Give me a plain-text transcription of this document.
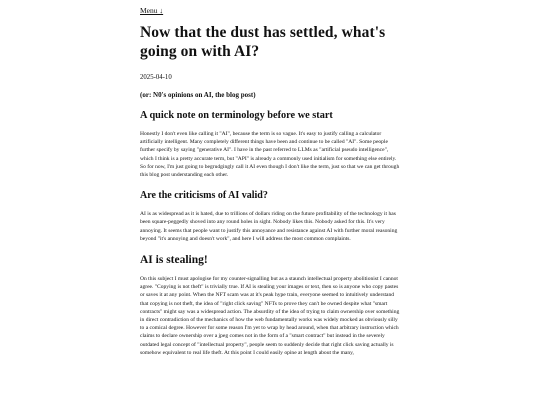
Menu ↓
Now that the dust has settled, what's going on with AI?
2025-04-10
(or: N0's opinions on AI, the blog post)
A quick note on terminology before we start

Honestly I don't even like calling it "AI", because the term is so vague. It's easy to justify calling a calculator artificially intelligent. Many completely different things have been and continue to be called "AI". Some people further specify by saying "generative AI". I have in the past referred to LLMs as "artificial pseudo intelligence", which I think is a pretty accurate term, but "API" is already a commonly used initialism for something else entirely. So for now, I'm just going to begrudgingly call it AI even though I don't like the term, just so that we can get through this blog post understanding each other.

Are the criticisms of AI valid?

AI is as widespread as it is hated, due to trillions of dollars riding on the future profitability of the technology it has been square-peggedly shoved into any round holes in sight. Nobody likes this. Nobody asked for this. It's very annoying. It seems that people want to justify this annoyance and resistance against AI with further moral reasoning beyond "it's annoying and doesn't work", and here I will address the most common complaints.

AI is stealing!

On this subject I must apologise for my counter-signalling but as a staunch intellectual property abolitionist I cannot agree. "Copying is not theft" is trivially true. If AI is stealing your images or text, then so is anyone who copy pastes or saves it at any point. When the NFT scam was at it's peak hype train, everyone seemed to intuitively understand that copying is not theft, the idea of "right click saving" NFTs to prove they can't be owned despite what "smart contracts" might say was a widespread action. The absurdity of the idea of trying to claim ownership over something in direct contradiction of the mechanics of how the web fundamentally works was widely mocked as obviously silly to a comical degree. However for some reason I'm yet to wrap by head around, when that arbitrary instruction which claims to declare ownership over a jpeg comes not in the form of a "smart contract" but instead in the severely outdated legal concept of "intellectual property", people seem to suddenly decide that right click saving actually is somehow equivalent to real life theft. At this point I could easily opine at length about the many,
